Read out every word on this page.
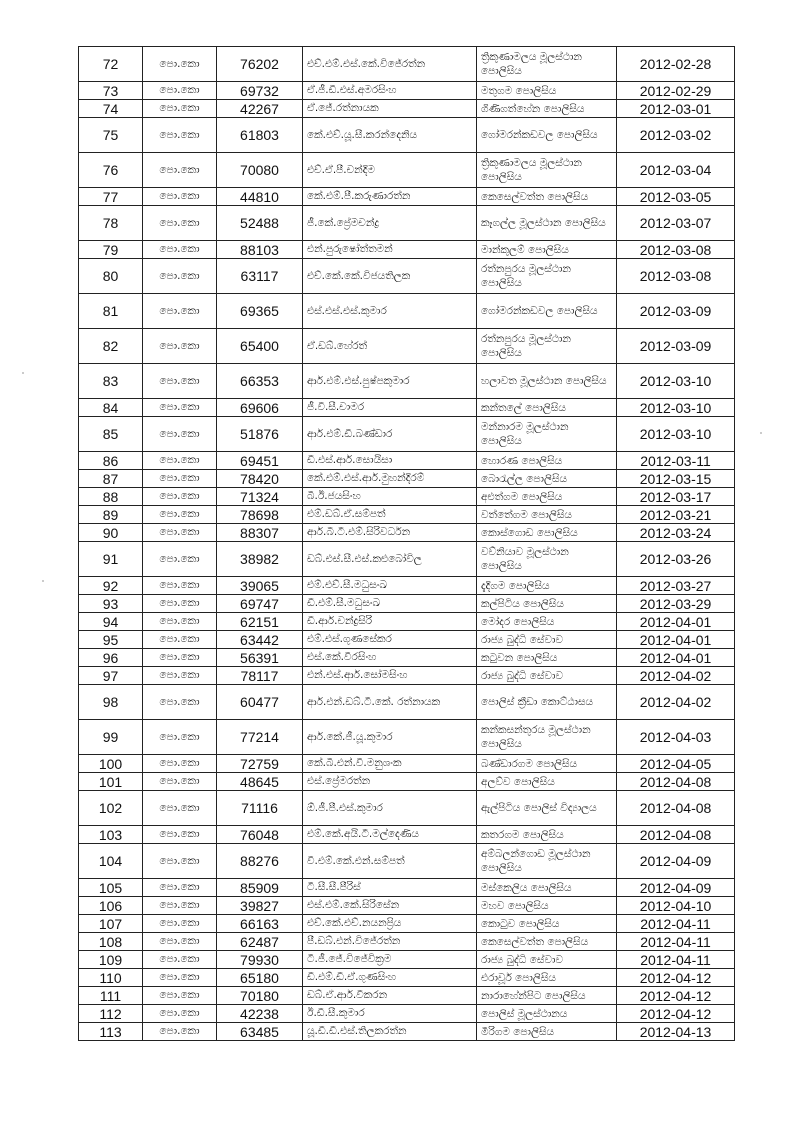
72	පො.කො	76202	එච්.එම්.එස්.කේ.විජේරත්න	ත්‍රිකුණාමලය මූලස්ථාන පොලිසිය	2012-02-28
73	පො.කො	69732	ඒ.ජී.ඩී.එස්.අමරසිංහ	මතුගම පොලිසිය	2012-02-29
74	පො.කො	42267	ඒ.ජේ.රත්නායක	ගිණිගත්හේන පොලිසිය	2012-03-01
75	පො.කො	61803	කේ.එච්.යූ.සී.කරන්දෙනිය	ගෝමරන්කඩවල පොලිසිය	2012-03-02
76	පො.කො	70080	එච්.ඒ.පී.චන්දිම	ත්‍රිකුණාමලය මූලස්ථාන පොලිසිය	2012-03-04
77	පො.කො	44810	කේ.එම්.පී.කරුණාරත්න	කෙසෙල්වත්ත පොලිසිය	2012-03-05
78	පො.කො	52488	ජී.කේ.ප්‍රේමචන්ද්‍ර	කෑගල්ල මූලස්ථාන පොලිසිය	2012-03-07
79	පො.කො	88103	එන්.පුරුෂෝත්තමන්	මාන්කුලම් පොලිසිය	2012-03-08
80	පො.කො	63117	එච්.කේ.කේ.විජයතිලක	රත්නපුරය මූලස්ථාන පොලිසිය	2012-03-08
81	පො.කො	69365	එස්.එස්.එස්.කුමාර	ගෝමරන්කඩවල පොලිසිය	2012-03-09
82	පො.කො	65400	ඒ.ඩබ්.හේරත්	රත්නපුරය මූලස්ථාන පොලිසිය	2012-03-09
83	පො.කො	66353	ආර්.එම්.එස්.පුෂ්පකුමාර	හලාවත මූලස්ථාන පොලිසිය	2012-03-10
84	පො.කො	69606	ජී.වී.සී.චාමර	කන්තලේ පොලිසිය	2012-03-10
85	පො.කො	51876	ආර්.එම්.ඩී.බණ්ඩාර	මන්නාරම මූලස්ථාන පොලිසිය	2012-03-10
86	පො.කො	69451	ඩී.එස්.ආර්.සොයිසා	හොරණ පොලිසිය	2012-03-11
87	පො.කො	78420	කේ.එම්.එස්.ආර්.මුහන්දිරම්	බොරැල්ල පොලිසිය	2012-03-15
88	පො.කො	71324	බී.ඊ.ජයසිංහ	අළුත්ගම පොලිසිය	2012-03-17
89	පො.කො	78698	එම්.ඩබ්.ඒ.සම්පත්	වත්තේගම පොලිසිය	2012-03-21
90	පො.කො	88307	ආර්.බී.ටී.එම්.සිරිවර්ධන	කොස්ගොඩ පොලිසිය	2012-03-24
91	පො.කො	38982	ඩබ්.එස්.සී.එස්.කළුබෝවිල	වව්නියාව මූලස්ථාන පොලිසිය	2012-03-26
92	පො.කො	39065	එම්.එච්.සී.මධුසංඛ	දැදිගම පොලිසිය	2012-03-27
93	පො.කො	69747	ඩී.එම්.සී.මධුසංඛ	කල්පිටිය පොලිසිය	2012-03-29
94	පො.කො	62151	ඩී.ආර්.චන්ද්‍රසිරි	මෝදර පොලිසිය	2012-04-01
95	පො.කො	63442	එම්.එස්.ගුණසේකර	රාජ්‍ය බුද්ධි සේවාව	2012-04-01
96	පො.කො	56391	එස්.කේ.වීරසිංහ	කටුවන පොලිසිය	2012-04-01
97	පො.කො	78117	එන්.එස්.ආර්.සෝමසිංහ	රාජ්‍ය බුද්ධි සේවාව	2012-04-02
98	පො.කො	60477	ආර්.එන්.ඩබ්.ටී.කේ. රත්නායක	පොලිස් ක්‍රීඩා කොට්ඨාසය	2012-04-02
99	පො.කො	77214	ආර්.කේ.ජී.යූ.කුමාර	කන්කසන්තුරය මූලස්ථාන පොලිසිය	2012-04-03
100	පො.කො	72759	කේ.බී.එන්.වී.මනුශංක	බණ්ඩාරගම පොලිසිය	2012-04-05
101	පො.කො	48645	එස්.ප්‍රේමරත්න	අලව්ව පොලිසිය	2012-04-08
102	පො.කො	71116	ඕ.ජී.පී.එස්.කුමාර	ඇල්පිටිය පොලිස් විද්‍යාලය	2012-04-08
103	පො.කො	76048	එම්.කේ.අයි.ටී.මල්දෙණිය	කතරගම පොලිසිය	2012-04-08
104	පො.කො	88276	වී.එම්.කේ.එන්.සම්පත්	අම්බලන්ගොඩ මූලස්ථාන පොලිසිය	2012-04-09
105	පො.කො	85909	ටී.සී.සී.පීරිස්	මස්කෙලිය පොලිසිය	2012-04-09
106	පො.කො	39827	එස්.එම්.කේ.සිරිසේන	මහව පොලිසිය	2012-04-10
107	පො.කො	66163	එච්.කේ.එච්.නයනප්‍රිය	කොටුව පොලිසිය	2012-04-11
108	පො.කො	62487	පී.ඩබ්.එන්.විජේරත්න	කෙසෙල්වත්ත පොලිසිය	2012-04-11
109	පො.කො	79930	ටී.ජී.ජේ.විජේවික්‍රම	රාජ්‍ය බුද්ධි සේවාව	2012-04-11
110	පො.කො	65180	ඩී.එම්.ඩී.ඒ.ගුණසිංහ	එරාවූර් පොලිසිය	2012-04-12
111	පො.කො	70180	ඩබ්.ඒ.ආර්.වීකරන	නාරාහේන්පිට පොලිසිය	2012-04-12
112	පො.කො	42238	ඊ.ඩී.සී.කුමාර	පොලිස් මූලස්ථානය	2012-04-12
113	පො.කො	63485	යූ.ඩී.ඩී.එස්.තිලකරත්න	මීරිගම පොලිසිය	2012-04-13
